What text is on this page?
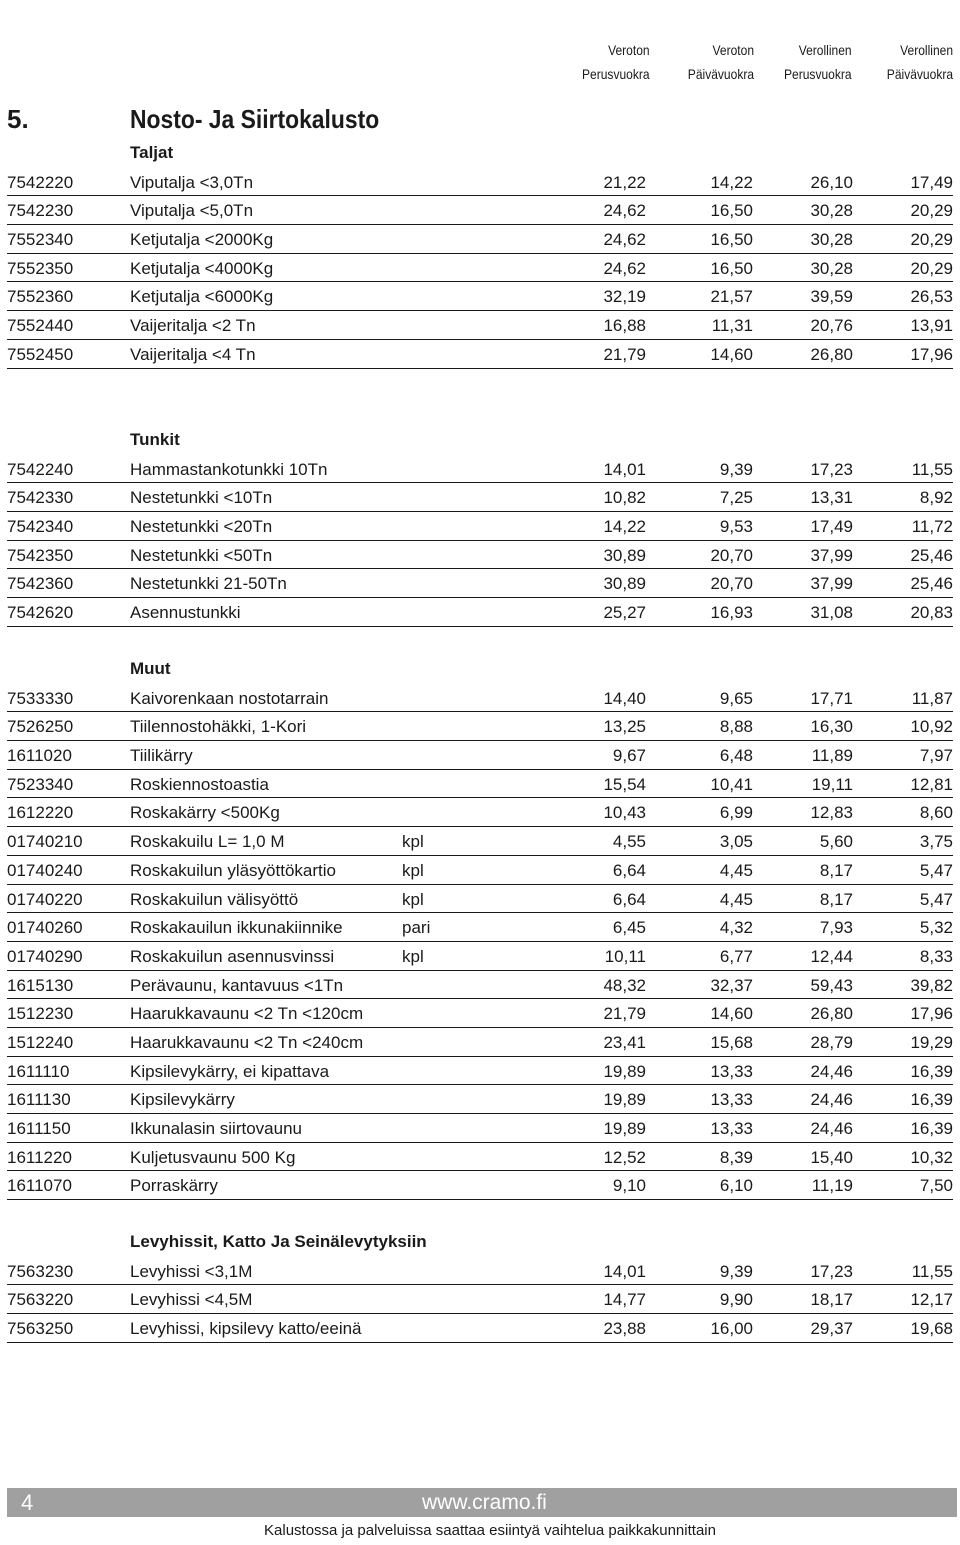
Veroton
Perusvuokra
Veroton
Päivävuokra
Verollinen
Perusvuokra
Verollinen
Päivävuokra
5.	Nosto- Ja Siirtokalusto
Taljat
7542220	Viputalja <3,0Tn	21,22	14,22	26,10	17,49
7542230	Viputalja <5,0Tn	24,62	16,50	30,28	20,29
7552340	Ketjutalja <2000Kg	24,62	16,50	30,28	20,29
7552350	Ketjutalja <4000Kg	24,62	16,50	30,28	20,29
7552360	Ketjutalja <6000Kg	32,19	21,57	39,59	26,53
7552440	Vaijeritalja <2 Tn	16,88	11,31	20,76	13,91
7552450	Vaijeritalja <4 Tn	21,79	14,60	26,80	17,96
Tunkit
7542240	Hammastankotunkki 10Tn	14,01	9,39	17,23	11,55
7542330	Nestetunkki <10Tn	10,82	7,25	13,31	8,92
7542340	Nestetunkki <20Tn	14,22	9,53	17,49	11,72
7542350	Nestetunkki <50Tn	30,89	20,70	37,99	25,46
7542360	Nestetunkki 21-50Tn	30,89	20,70	37,99	25,46
7542620	Asennustunkki	25,27	16,93	31,08	20,83
Muut
7533330	Kaivorenkaan nostotarrain	14,40	9,65	17,71	11,87
7526250	Tiilennostohäkki, 1-Kori	13,25	8,88	16,30	10,92
1611020	Tiilikärry	9,67	6,48	11,89	7,97
7523340	Roskiennostoastia	15,54	10,41	19,11	12,81
1612220	Roskakärry <500Kg	10,43	6,99	12,83	8,60
01740210	Roskakuilu L= 1,0 M	kpl	4,55	3,05	5,60	3,75
01740240	Roskakuilun yläsyöttökartio	kpl	6,64	4,45	8,17	5,47
01740220	Roskakuilun välisyöttö	kpl	6,64	4,45	8,17	5,47
01740260	Roskakauilun ikkunakiinnike	pari	6,45	4,32	7,93	5,32
01740290	Roskakuilun asennusvinssi	kpl	10,11	6,77	12,44	8,33
1615130	Perävaunu, kantavuus <1Tn	48,32	32,37	59,43	39,82
1512230	Haarukkavaunu <2 Tn <120cm	21,79	14,60	26,80	17,96
1512240	Haarukkavaunu <2 Tn <240cm	23,41	15,68	28,79	19,29
1611110	Kipsilevykärry, ei kipattava	19,89	13,33	24,46	16,39
1611130	Kipsilevykärry	19,89	13,33	24,46	16,39
1611150	Ikkunalasin siirtovaunu	19,89	13,33	24,46	16,39
1611220	Kuljetusvaunu 500 Kg	12,52	8,39	15,40	10,32
1611070	Porraskärry	9,10	6,10	11,19	7,50
Levyhissit, Katto Ja Seinälevytyksiin
7563230	Levyhissi <3,1M	14,01	9,39	17,23	11,55
7563220	Levyhissi <4,5M	14,77	9,90	18,17	12,17
7563250	Levyhissi, kipsilevy katto/eeinä	23,88	16,00	29,37	19,68
4	www.cramo.fi
Kalustossa ja palveluissa saattaa esiintyä vaihtelua paikkakunnittain
